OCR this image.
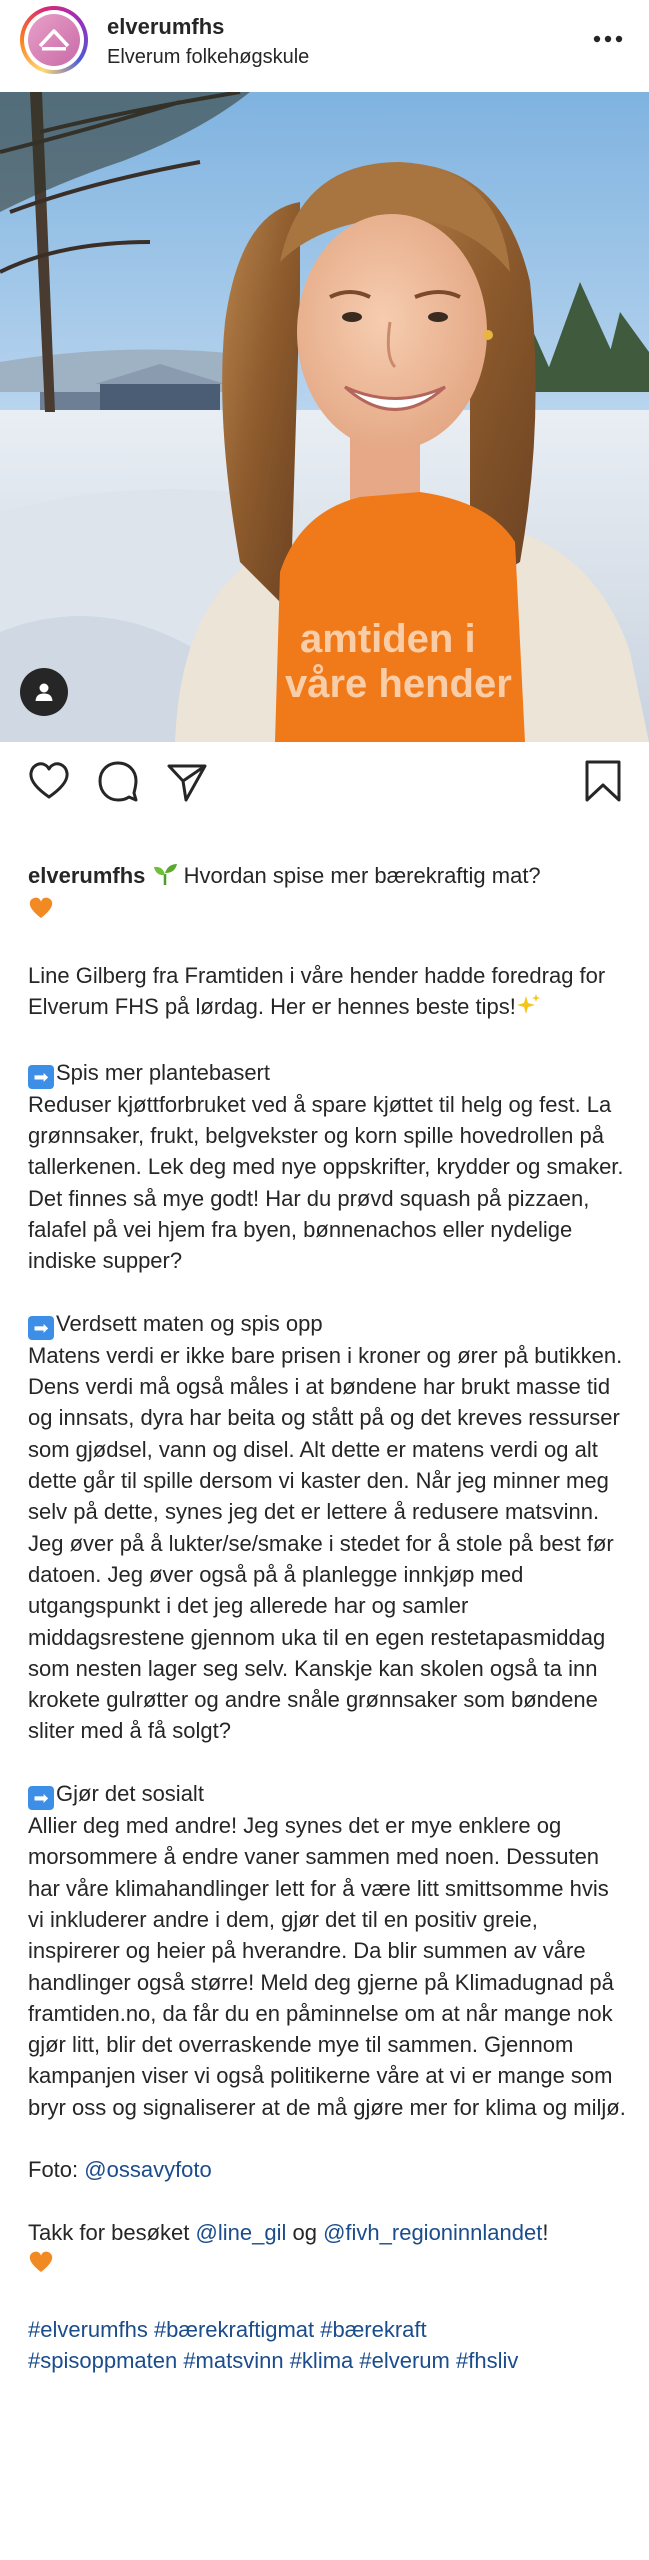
elverumfhs
Elverum folkehøgskule
amtiden i
våre hender

elverumfhs Hvordan spise mer bærekraftig mat?

Line Gilberg fra Framtiden i våre hender hadde foredrag for Elverum FHS på lørdag. Her er hennes beste tips!

➡ Spis mer plantebasert

Reduser kjøttforbruket ved å spare kjøttet til helg og fest. La grønnsaker, frukt, belgvekster og korn spille hovedrollen på tallerkenen. Lek deg med nye oppskrifter, krydder og smaker. Det finnes så mye godt! Har du prøvd squash på pizzaen, falafel på vei hjem fra byen, bønnenachos eller nydelige indiske supper?

➡ Verdsett maten og spis opp

Matens verdi er ikke bare prisen i kroner og ører på butikken. Dens verdi må også måles i at bøndene har brukt masse tid og innsats, dyra har beita og stått på og det kreves ressurser som gjødsel, vann og disel. Alt dette er matens verdi og alt dette går til spille dersom vi kaster den. Når jeg minner meg selv på dette, synes jeg det er lettere å redusere matsvinn. Jeg øver på å lukter/se/smake i stedet for å stole på best før datoen. Jeg øver også på å planlegge innkjøp med utgangspunkt i det jeg allerede har og samler middagsrestene gjennom uka til en egen restetapasmiddag som nesten lager seg selv. Kanskje kan skolen også ta inn krokete gulrøtter og andre snåle grønnsaker som bøndene sliter med å få solgt?

➡ Gjør det sosialt

Allier deg med andre! Jeg synes det er mye enklere og morsommere å endre vaner sammen med noen. Dessuten har våre klimahandlinger lett for å være litt smittsomme hvis vi inkluderer andre i dem, gjør det til en positiv greie, inspirerer og heier på hverandre. Da blir summen av våre handlinger også større! Meld deg gjerne på Klimadugnad på framtiden.no, da får du en påminnelse om at når mange nok gjør litt, blir det overraskende mye til sammen. Gjennom kampanjen viser vi også politikerne våre at vi er mange som bryr oss og signaliserer at de må gjøre mer for klima og miljø.

Foto: @ossavyfoto

Takk for besøket @line_gil og @fivh_regioninnlandet!

#elverumfhs #bærekraftigmat #bærekraft

#spisoppmaten #matsvinn #klima #elverum #fhsliv
